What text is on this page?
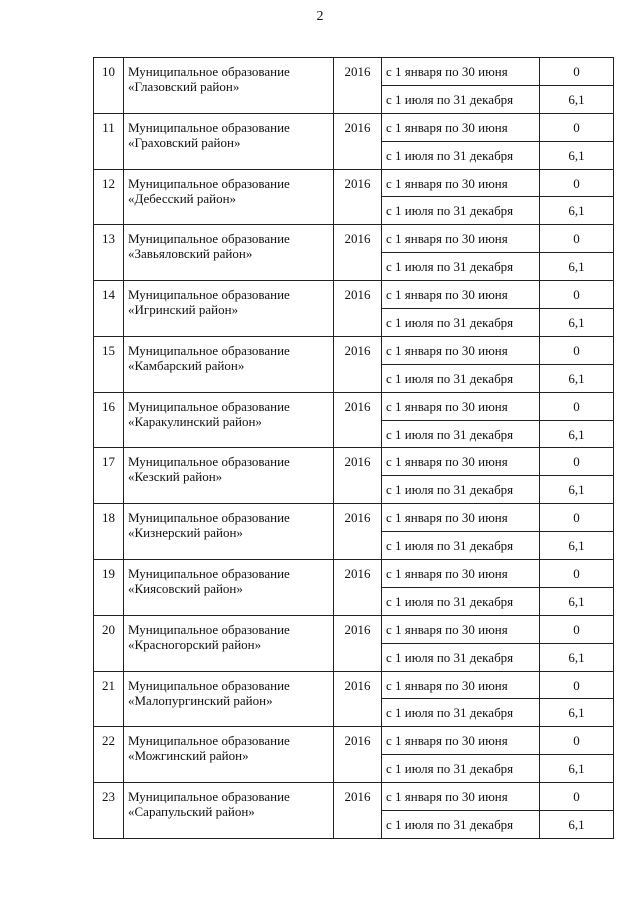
2
10	Муниципальное образование
«Глазовский район»	2016	с 1 января по 30 июня	0
			с 1 июля по 31 декабря	6,1
11	Муниципальное образование
«Граховский район»	2016	с 1 января по 30 июня	0
			с 1 июля по 31 декабря	6,1
12	Муниципальное образование
«Дебесский район»	2016	с 1 января по 30 июня	0
			с 1 июля по 31 декабря	6,1
13	Муниципальное образование
«Завьяловский район»	2016	с 1 января по 30 июня	0
			с 1 июля по 31 декабря	6,1
14	Муниципальное образование
«Игринский район»	2016	с 1 января по 30 июня	0
			с 1 июля по 31 декабря	6,1
15	Муниципальное образование
«Камбарский район»	2016	с 1 января по 30 июня	0
			с 1 июля по 31 декабря	6,1
16	Муниципальное образование
«Каракулинский район»	2016	с 1 января по 30 июня	0
			с 1 июля по 31 декабря	6,1
17	Муниципальное образование
«Кезский район»	2016	с 1 января по 30 июня	0
			с 1 июля по 31 декабря	6,1
18	Муниципальное образование
«Кизнерский район»	2016	с 1 января по 30 июня	0
			с 1 июля по 31 декабря	6,1
19	Муниципальное образование
«Киясовский район»	2016	с 1 января по 30 июня	0
			с 1 июля по 31 декабря	6,1
20	Муниципальное образование
«Красногорский район»	2016	с 1 января по 30 июня	0
			с 1 июля по 31 декабря	6,1
21	Муниципальное образование
«Малопургинский район»	2016	с 1 января по 30 июня	0
			с 1 июля по 31 декабря	6,1
22	Муниципальное образование
«Можгинский район»	2016	с 1 января по 30 июня	0
			с 1 июля по 31 декабря	6,1
23	Муниципальное образование
«Сарапульский район»	2016	с 1 января по 30 июня	0
			с 1 июля по 31 декабря	6,1
